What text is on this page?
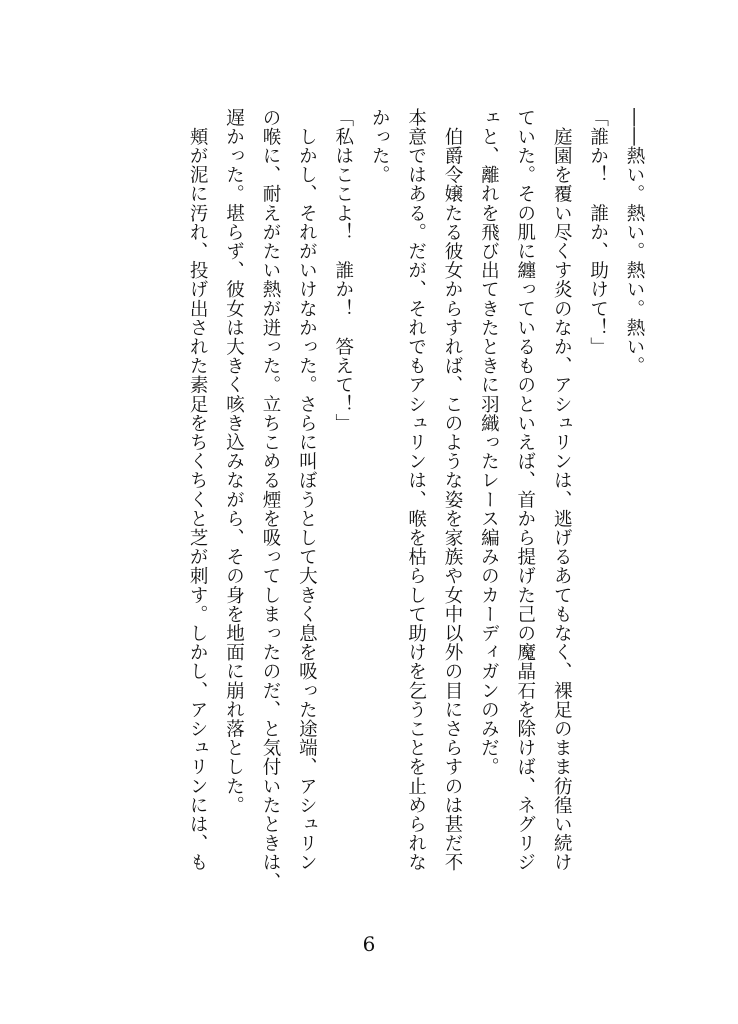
――熱い。熱い。熱い。熱い。

「誰か！　誰か、助けて！」

　庭園を覆い尽くす炎のなか、アシュリンは、逃げるあてもなく、裸足のまま彷徨い続け

ていた。その肌に纏っているものといえば、首から提げた己の魔晶石を除けば、ネグリジ

ェと、離れを飛び出てきたときに羽織ったレース編みのカーディガンのみだ。

　伯爵令嬢たる彼女からすれば、このような姿を家族や女中以外の目にさらすのは甚だ不

本意ではある。だが、それでもアシュリンは、喉を枯らして助けを乞うことを止められな

かった。

「私はここよ！　誰か！　答えて！」

　しかし、それがいけなかった。さらに叫ぼうとして大きく息を吸った途端、アシュリン

の喉に、耐えがたい熱が迸った。立ちこめる煙を吸ってしまったのだ、と気付いたときは、

遅かった。堪らず、彼女は大きく咳き込みながら、その身を地面に崩れ落とした。

　頬が泥に汚れ、投げ出された素足をちくちくと芝が刺す。しかし、アシュリンには、も

6
